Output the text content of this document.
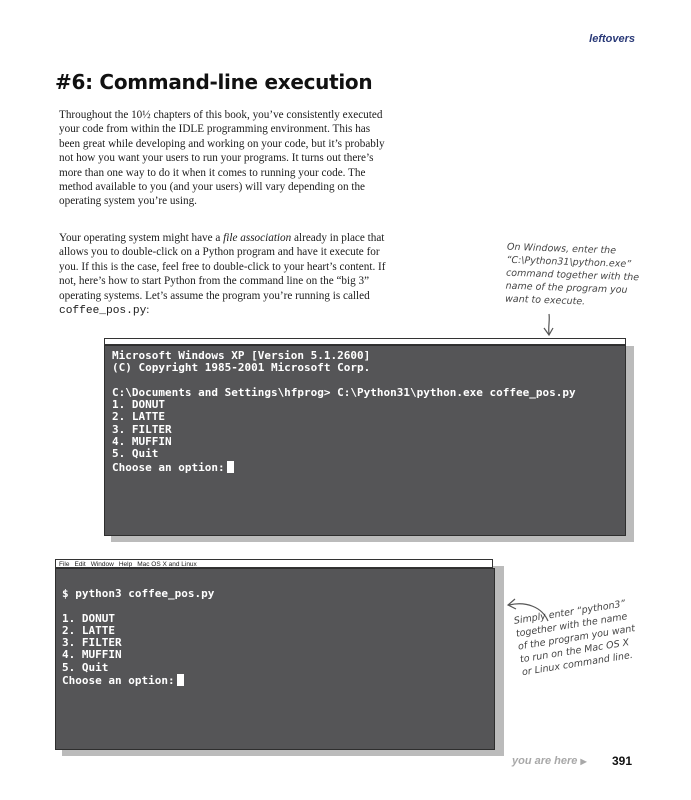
leftovers
#6: Command-line execution

Throughout the 10½ chapters of this book, you’ve consistently executed your code from within the IDLE programming environment. This has been great while developing and working on your code, but it’s probably not how you want your users to run your programs. It turns out there’s more than one way to do it when it comes to running your code. The method available to you (and your users) will vary depending on the operating system you’re using.

Your operating system might have a file association already in place that allows you to double-click on a Python program and have it execute for you. If this is the case, feel free to double-click to your heart’s content. If not, here’s how to start Python from the command line on the “big 3” operating systems. Let’s assume the program you’re running is called coffee_pos.py:

On Windows, enter the “C:\Python31\python.exe” command together with the name of the program you want to execute.
Microsoft Windows XP [Version 5.1.2600]
(C) Copyright 1985-2001 Microsoft Corp.

C:\Documents and Settings\hfprog> C:\Python31\python.exe coffee_pos.py
1. DONUT
2. LATTE
3. FILTER
4. MUFFIN
5. Quit
Choose an option:
File Edit Window Help Mac OS X and Linux
$ python3 coffee_pos.py

1. DONUT
2. LATTE
3. FILTER
4. MUFFIN
5. Quit
Choose an option:
Simply enter “python3” together with the name of the program you want to run on the Mac OS X or Linux command line.
you are here ▶ 391
